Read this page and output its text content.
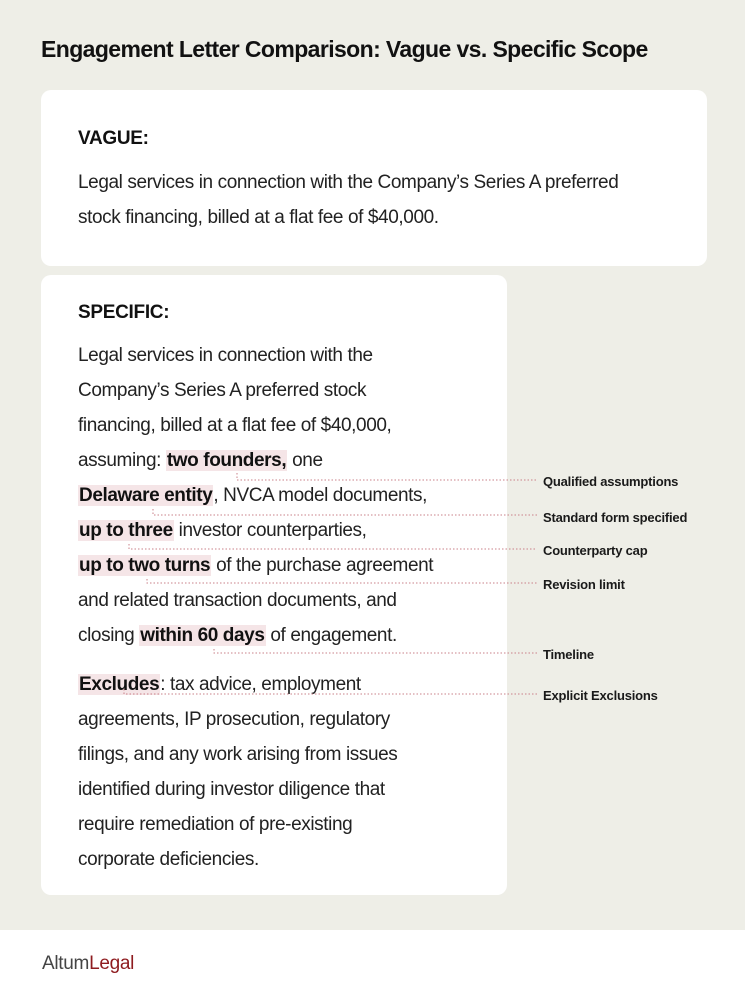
Engagement Letter Comparison: Vague vs. Specific Scope

VAGUE:

Legal services in connection with the Company’s Series A preferred
stock financing, billed at a flat fee of $40,000.

SPECIFIC:

Legal services in connection with the
Company’s Series A preferred stock
financing, billed at a flat fee of $40,000,
assuming: two founders, one
Delaware entity, NVCA model documents,
up to three investor counterparties,
up to two turns of the purchase agreement
and related transaction documents, and
closing within 60 days of engagement.

Excludes: tax advice, employment
agreements, IP prosecution, regulatory
filings, and any work arising from issues
identified during investor diligence that
require remediation of pre-existing
corporate deficiencies.

Qualified assumptions

Standard form specified

Counterparty cap

Revision limit

Timeline

Explicit Exclusions

AltumLegal
